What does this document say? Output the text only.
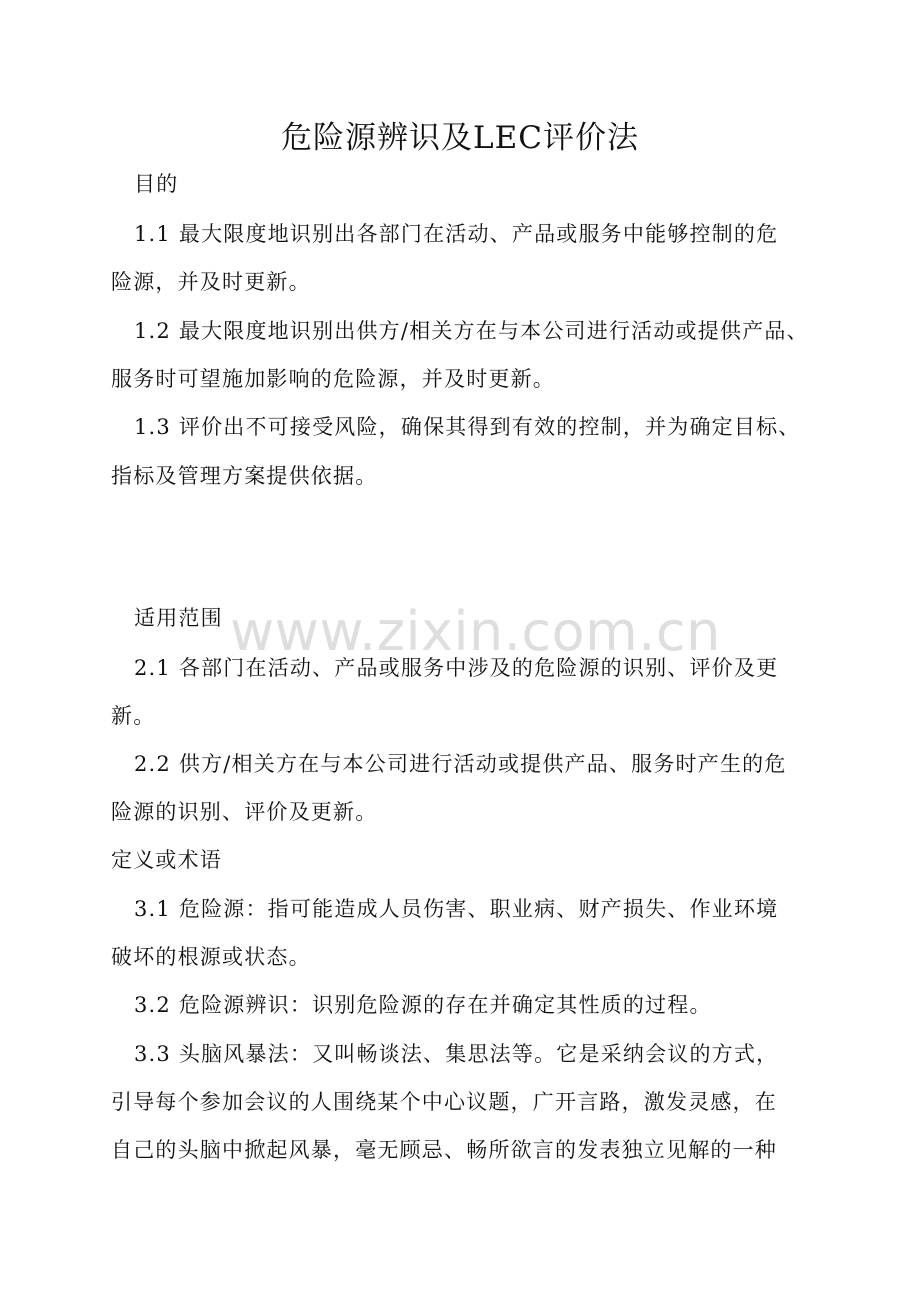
危险源辨识及LEC评价法

目的

1.1 最大限度地识别出各部门在活动、产品或服务中能够控制的危

险源，并及时更新。

1.2 最大限度地识别出供方/相关方在与本公司进行活动或提供产品、

服务时可望施加影响的危险源，并及时更新。

1.3 评价出不可接受风险，确保其得到有效的控制，并为确定目标、

指标及管理方案提供依据。

适用范围

2.1 各部门在活动、产品或服务中涉及的危险源的识别、评价及更

新。

2.2 供方/相关方在与本公司进行活动或提供产品、服务时产生的危

险源的识别、评价及更新。

定义或术语

3.1 危险源：指可能造成人员伤害、职业病、财产损失、作业环境

破坏的根源或状态。

3.2 危险源辨识：识别危险源的存在并确定其性质的过程。

3.3 头脑风暴法：又叫畅谈法、集思法等。它是采纳会议的方式，

引导每个参加会议的人围绕某个中心议题，广开言路，激发灵感，在

自己的头脑中掀起风暴，毫无顾忌、畅所欲言的发表独立见解的一种

www.zixin.com.cn
